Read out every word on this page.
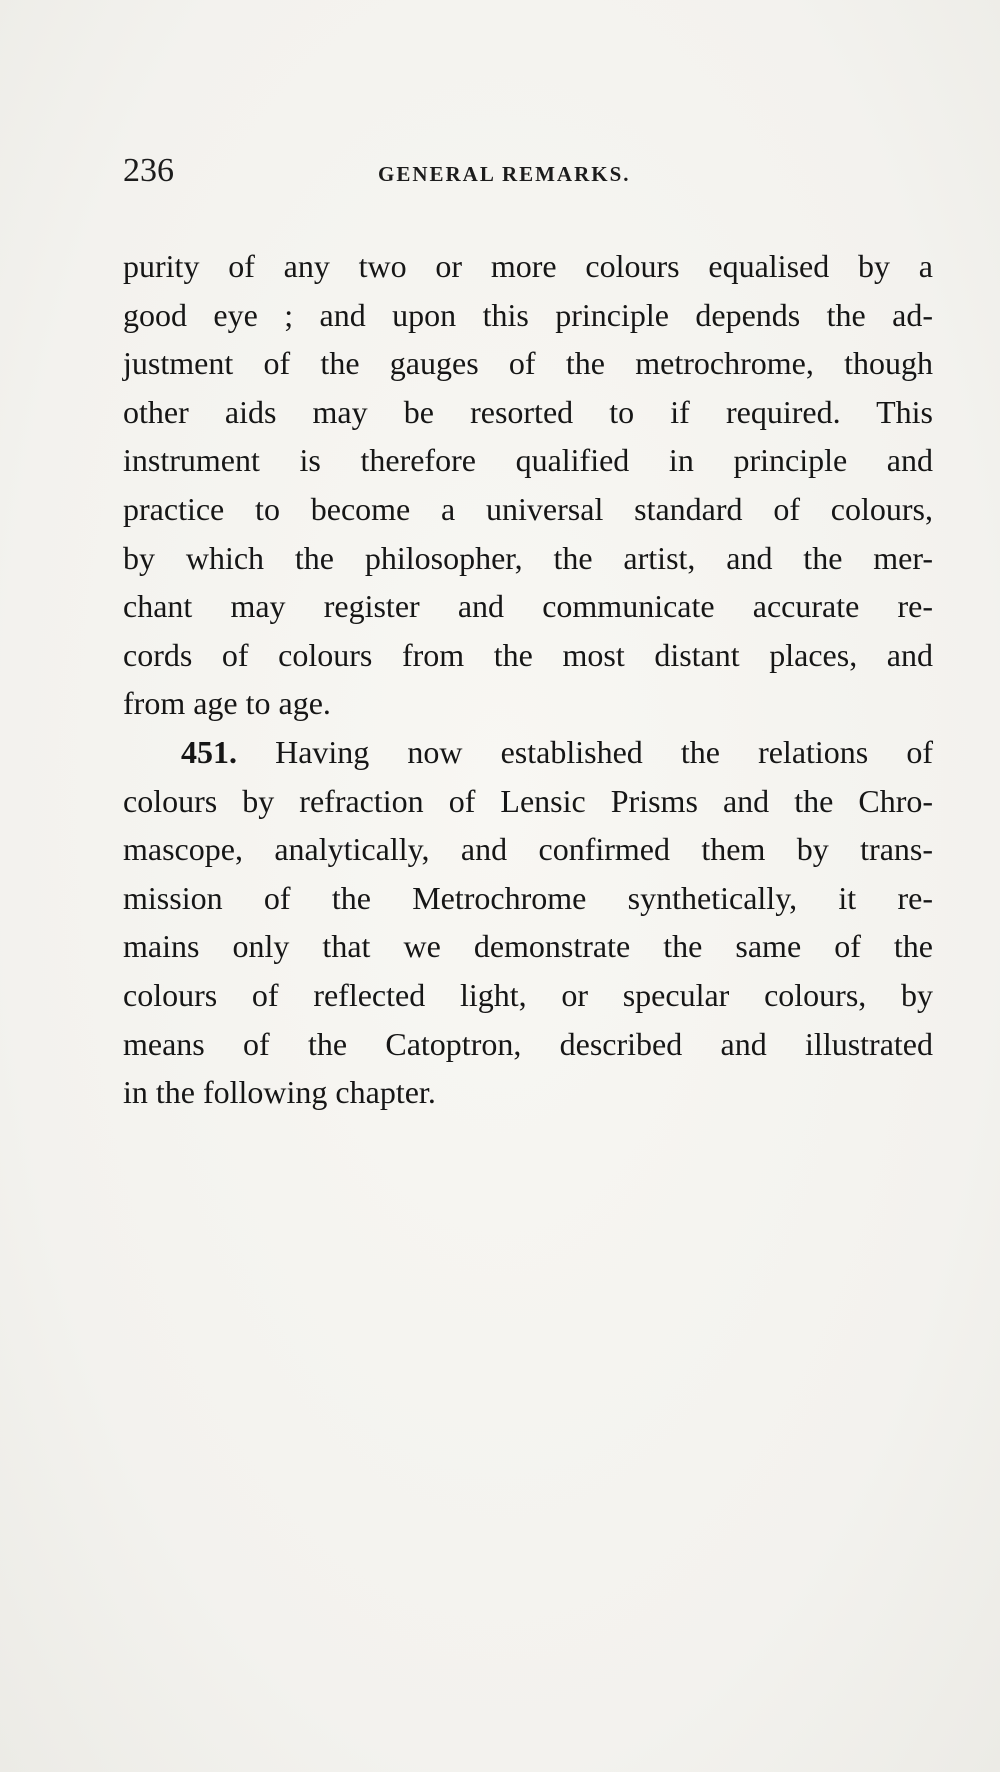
236	GENERAL REMARKS.
purity of any two or more colours equalised by a
good eye ; and upon this principle depends the ad-
justment of the gauges of the metrochrome, though
other aids may be resorted to if required. This
instrument is therefore qualified in principle and
practice to become a universal standard of colours,
by which the philosopher, the artist, and the mer-
chant may register and communicate accurate re-
cords of colours from the most distant places, and
from age to age.
451. Having now established the relations of
colours by refraction of Lensic Prisms and the Chro-
mascope, analytically, and confirmed them by trans-
mission of the Metrochrome synthetically, it re-
mains only that we demonstrate the same of the
colours of reflected light, or specular colours, by
means of the Catoptron, described and illustrated
in the following chapter.
